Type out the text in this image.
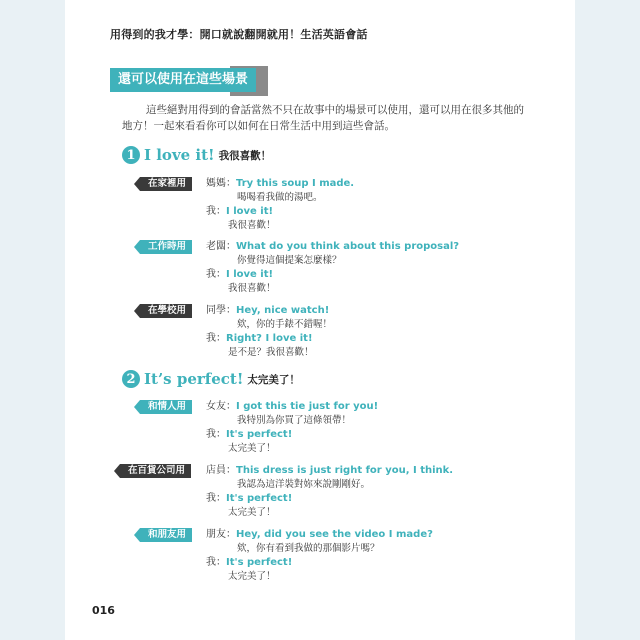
用得到的我才學：開口就說翻開就用！生活英語會話
還可以使用在這些場景
這些絕對用得到的會話當然不只在故事中的場景可以使用，還可以用在很多其他的地方！一起來看看你可以如何在日常生活中用到這些會話。
1 I love it! 我很喜歡！
在家裡用	媽媽：Try this soup I made.
喝喝看我做的湯吧。
我：I love it!
我很喜歡！
工作時用	老闆：What do you think about this proposal?
你覺得這個提案怎麼樣？
我：I love it!
我很喜歡！
在學校用	同學：Hey, nice watch!
欸，你的手錶不錯喔！
我：Right? I love it!
是不是？我很喜歡！
2 It’s perfect! 太完美了！
和情人用	女友：I got this tie just for you!
我特別為你買了這條領帶！
我：It's perfect!
太完美了！
在百貨公司用	店員：This dress is just right for you, I think.
我認為這洋裝對妳來說剛剛好。
我：It's perfect!
太完美了！
和朋友用	朋友：Hey, did you see the video I made?
欸，你有看到我做的那個影片嗎？
我：It's perfect!
太完美了！
016
